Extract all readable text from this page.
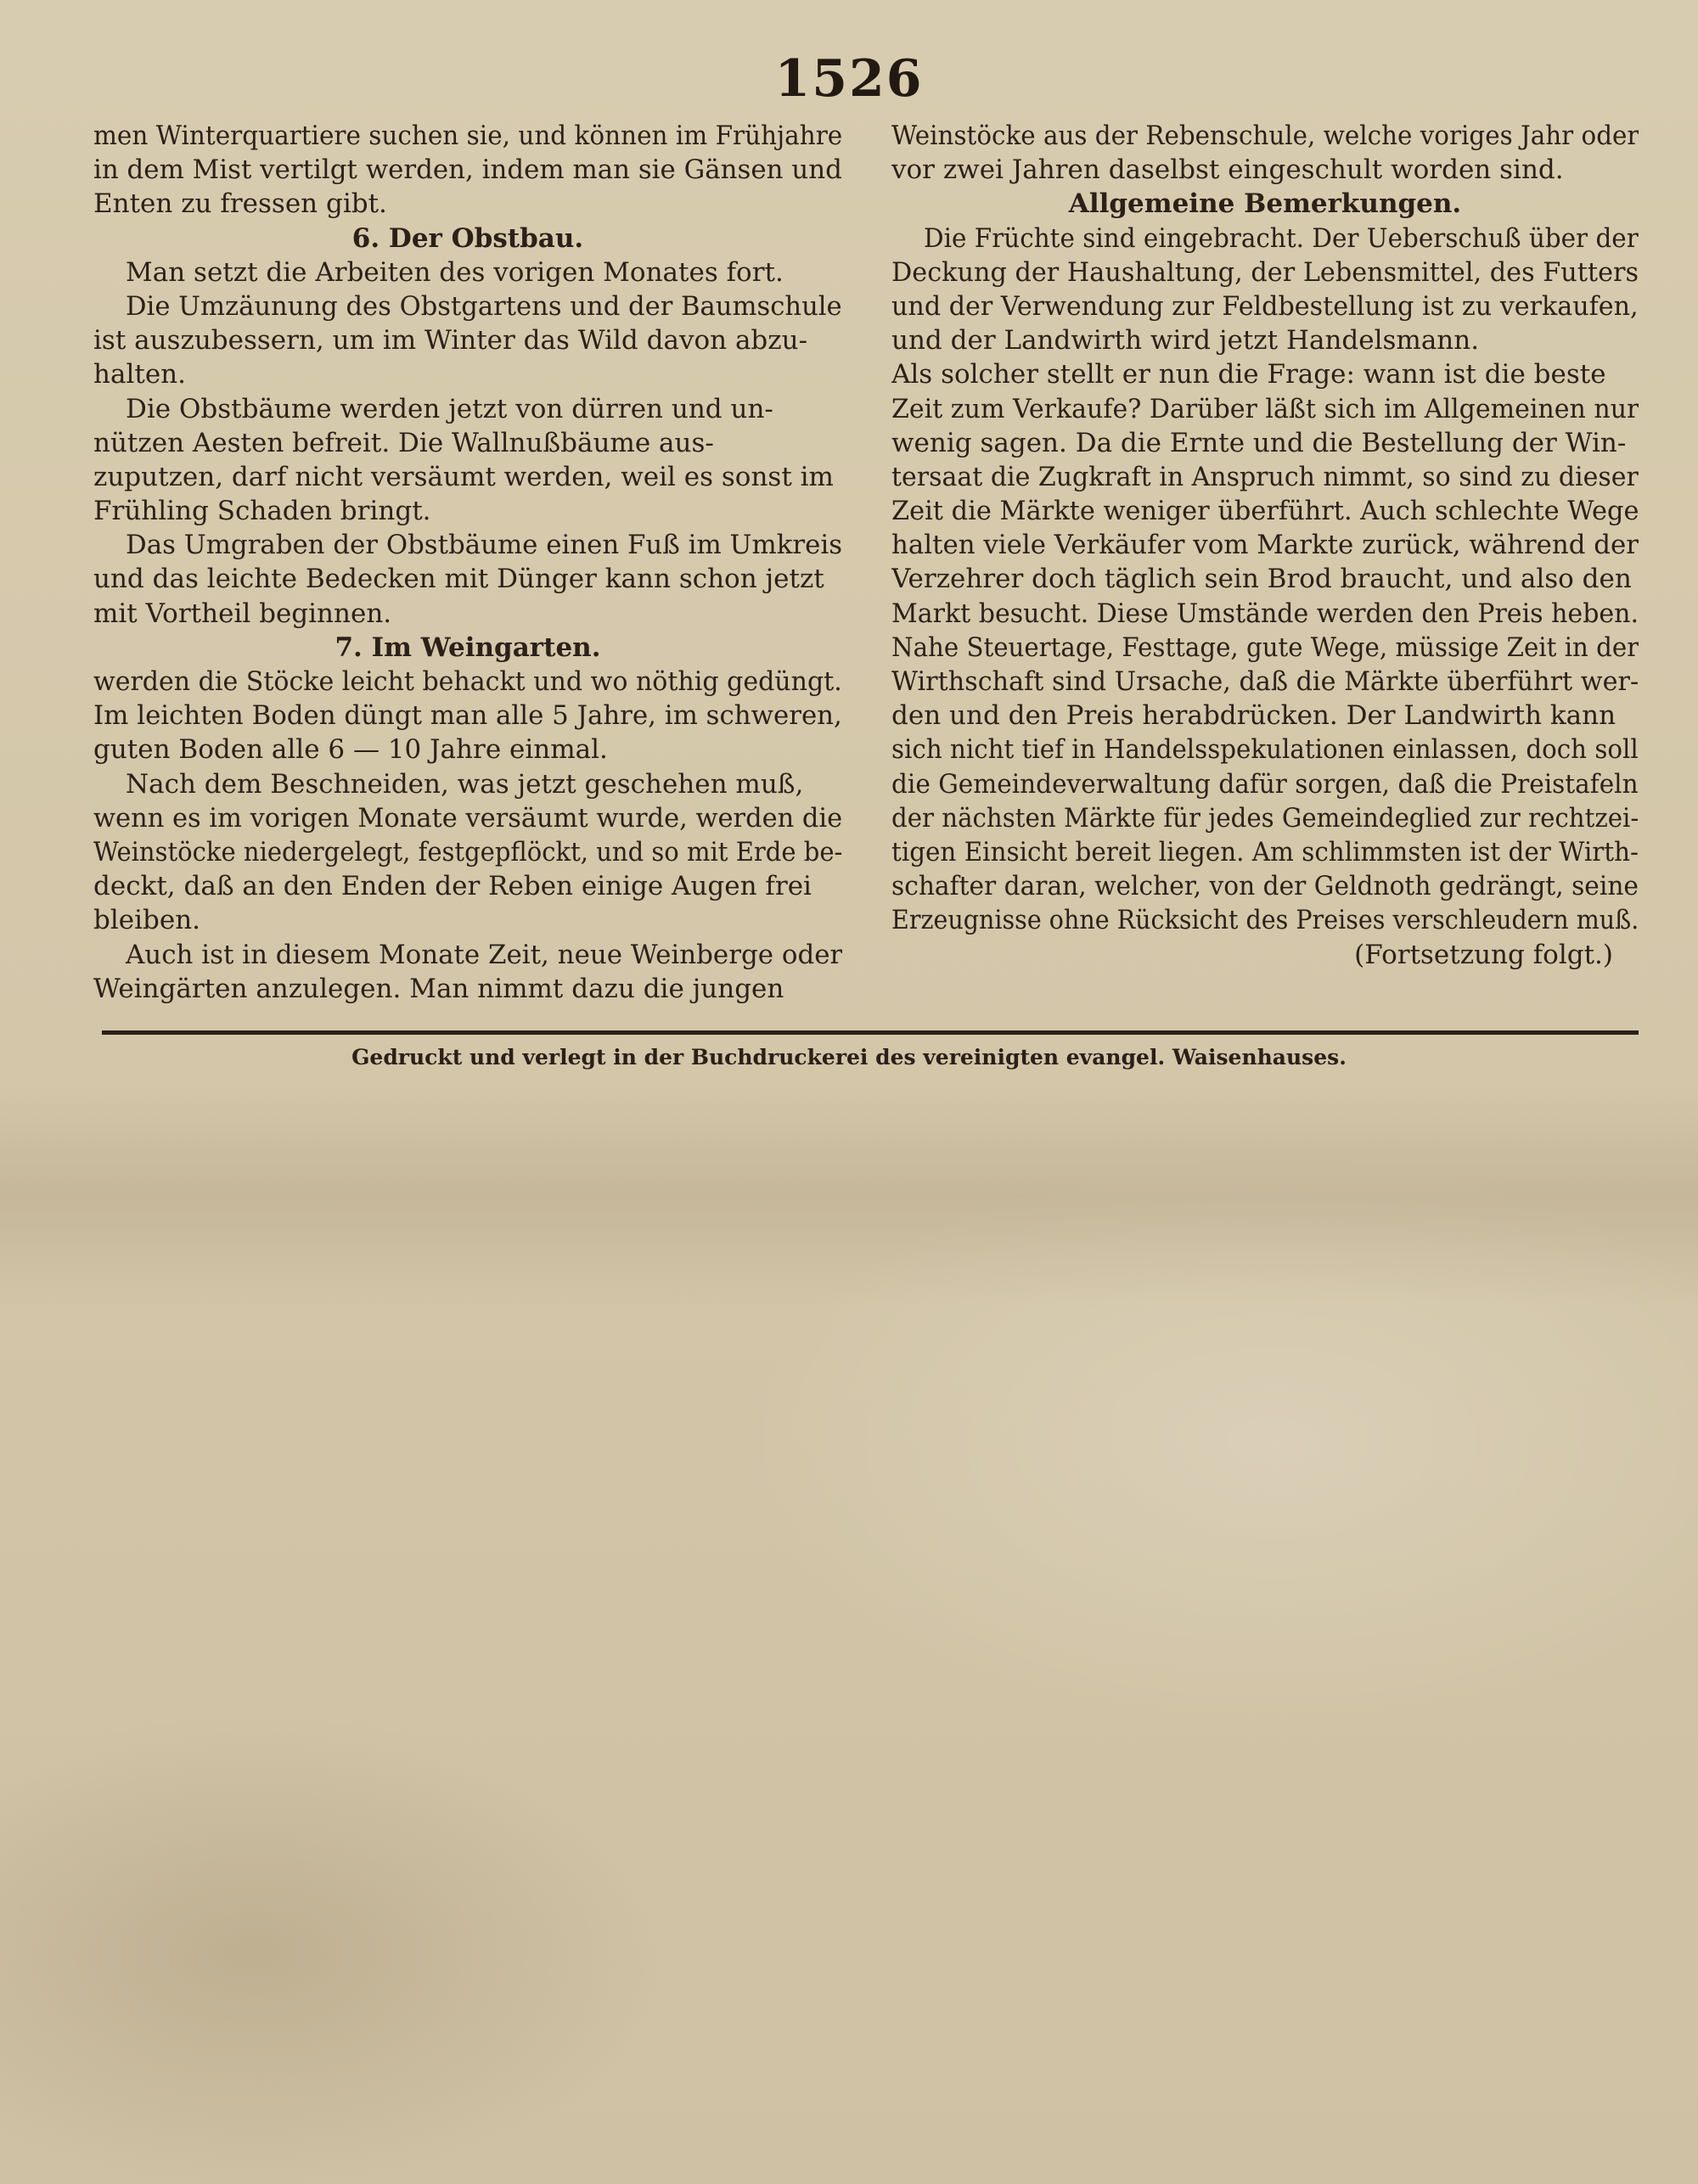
1526
men Winterquartiere suchen sie, und können im Frühjahre
in dem Mist vertilgt werden, indem man sie Gänsen und
Enten zu fressen gibt.
6. Der Obstbau.
Man setzt die Arbeiten des vorigen Monates fort.
Die Umzäunung des Obstgartens und der Baumschule
ist auszubessern, um im Winter das Wild davon abzu-
halten.
Die Obstbäume werden jetzt von dürren und un-
nützen Aesten befreit. Die Wallnußbäume aus-
zuputzen, darf nicht versäumt werden, weil es sonst im
Frühling Schaden bringt.
Das Umgraben der Obstbäume einen Fuß im Umkreis
und das leichte Bedecken mit Dünger kann schon jetzt
mit Vortheil beginnen.
7. Im Weingarten.
werden die Stöcke leicht behackt und wo nöthig gedüngt.
Im leichten Boden düngt man alle 5 Jahre, im schweren,
guten Boden alle 6 — 10 Jahre einmal.
Nach dem Beschneiden, was jetzt geschehen muß,
wenn es im vorigen Monate versäumt wurde, werden die
Weinstöcke niedergelegt, festgepflöckt, und so mit Erde be-
deckt, daß an den Enden der Reben einige Augen frei
bleiben.
Auch ist in diesem Monate Zeit, neue Weinberge oder
Weingärten anzulegen. Man nimmt dazu die jungen
Weinstöcke aus der Rebenschule, welche voriges Jahr oder
vor zwei Jahren daselbst eingeschult worden sind.
Allgemeine Bemerkungen.
Die Früchte sind eingebracht. Der Ueberschuß über der
Deckung der Haushaltung, der Lebensmittel, des Futters
und der Verwendung zur Feldbestellung ist zu verkaufen,
und der Landwirth wird jetzt Handelsmann.
Als solcher stellt er nun die Frage: wann ist die beste
Zeit zum Verkaufe? Darüber läßt sich im Allgemeinen nur
wenig sagen. Da die Ernte und die Bestellung der Win-
tersaat die Zugkraft in Anspruch nimmt, so sind zu dieser
Zeit die Märkte weniger überführt. Auch schlechte Wege
halten viele Verkäufer vom Markte zurück, während der
Verzehrer doch täglich sein Brod braucht, und also den
Markt besucht. Diese Umstände werden den Preis heben.
Nahe Steuertage, Festtage, gute Wege, müssige Zeit in der
Wirthschaft sind Ursache, daß die Märkte überführt wer-
den und den Preis herabdrücken. Der Landwirth kann
sich nicht tief in Handelsspekulationen einlassen, doch soll
die Gemeindeverwaltung dafür sorgen, daß die Preistafeln
der nächsten Märkte für jedes Gemeindeglied zur rechtzei-
tigen Einsicht bereit liegen. Am schlimmsten ist der Wirth-
schafter daran, welcher, von der Geldnoth gedrängt, seine
Erzeugnisse ohne Rücksicht des Preises verschleudern muß.
(Fortsetzung folgt.)
Gedruckt und verlegt in der Buchdruckerei des vereinigten evangel. Waisenhauses.
